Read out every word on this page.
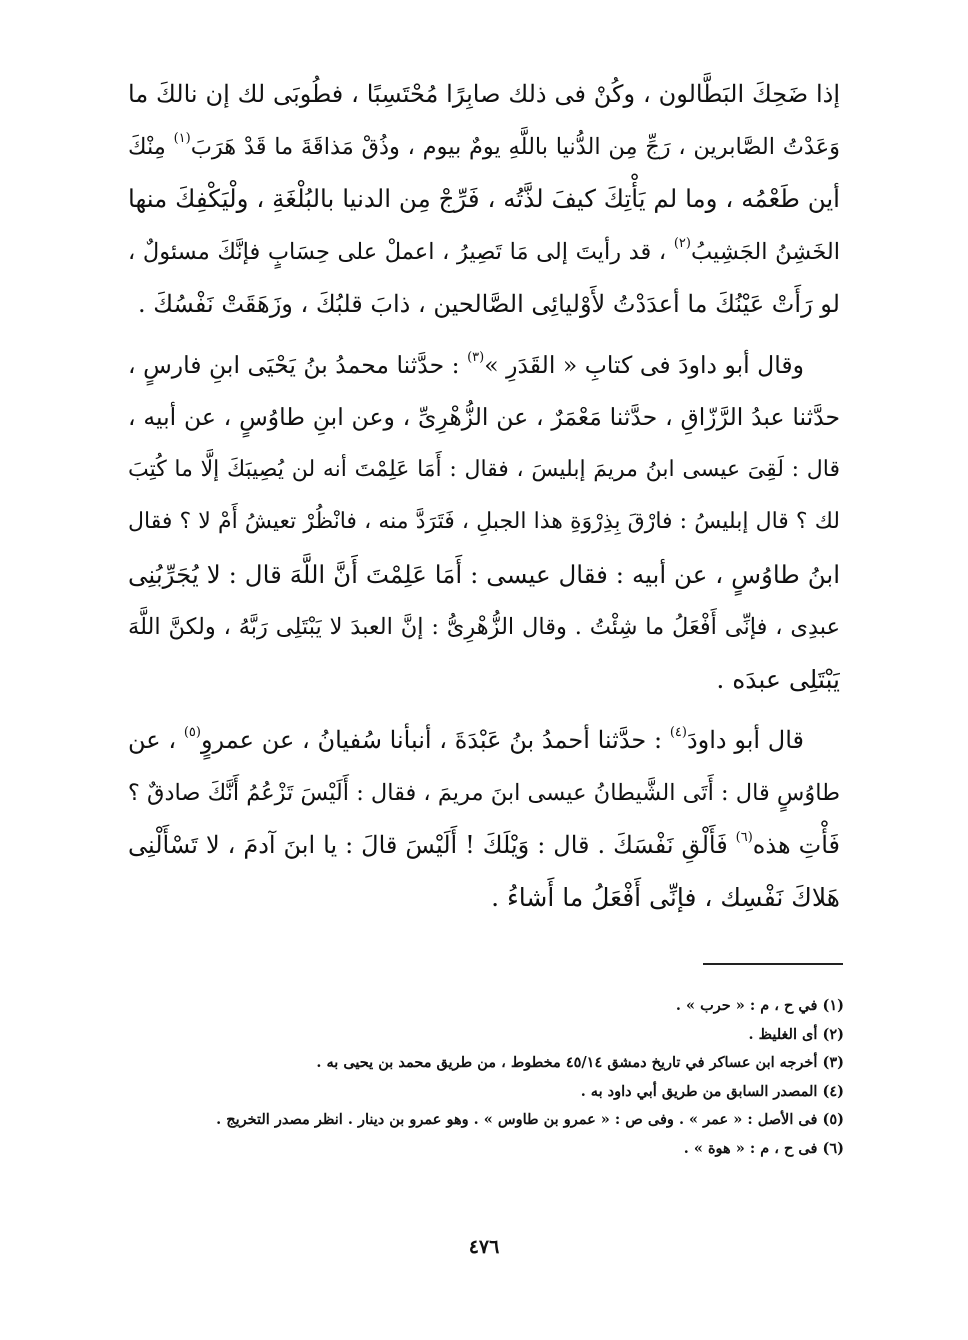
إذا ضَحِكَ البَطَّالون ، وكُنْ فى ذلك صابِرًا مُحْتَسِبًا ، فطُوبَى لك إن نالكَ ما
وَعَدْتُ الصَّابرين ، رَجِّ مِن الدُّنيا باللَّهِ يومٌ بيوم ، وذُقْ مَذاقَةَ ما قَدْ هَرَبَ$^{(١)}$ مِنْكَ
أين طَعْمُه ، وما لم يَأْتِكَ كيفَ لذَّتُه ، فَرِّجْ مِن الدنيا بالبُلْغَةِ ، ولْيَكْفِكَ منها
الخَشِنُ الجَشِيبُ$^{(٢)}$ ، قد رأيتَ إلى مَا تَصِيرُ ، اعملْ على حِسَابٍ فإنَّكَ مسئولٌ ،
لو رَأَتْ عَيْنُكَ ما أعدَدْتُ لأَوْليائِى الصَّالحين ، ذابَ قلبُكَ ، وزَهَقَتْ نَفْسُكَ .
وقال أبو داودَ فى كتابِ « القَدَرِ »$^{(٣)}$ : حدَّثنا محمدُ بنُ يَحْيَى ابنِ فارسٍ ،
حدَّثنا عبدُ الرَّزّاقِ ، حدَّثنا مَعْمَرٌ ، عن الزُّهْرِىِّ ، وعن ابنِ طاوُسٍ ، عن أبيه ،
قال : لَقِىَ عيسى ابنُ مريمَ إبليسَ ، فقال : أَمَا عَلِمْتَ أنه لن يُصِيبَكَ إلَّا ما كُتِبَ
لك ؟ قال إبليسُ : فارْقَ بِذِرْوَةِ هذا الجبلِ ، فَتَرَدَّ منه ، فانْظُرْ تعيشُ أَمْ لا ؟ فقال
ابنُ طاوُسٍ ، عن أبيه : فقال عيسى : أَمَا عَلِمْتَ أَنَّ اللَّهَ قال : لا يُجَرِّبُنِى
عبدِى ، فإنِّى أَفْعَلُ ما شِئْتُ . وقال الزُّهْرِىُّ : إنَّ العبدَ لا يَبْتَلِى رَبَّهُ ، ولكنَّ اللَّهَ
يَبْتَلِى عبدَه .
قال أبو داودَ$^{(٤)}$ : حدَّثنا أحمدُ بنُ عَبْدَةَ ، أنبأنا سُفيانُ ، عن عمروٍ$^{(٥)}$ ، عن
طاوُسٍ قال : أَتَى الشَّيطانُ عيسى ابنَ مريمَ ، فقال : أَلَيْسَ تَزْعُمُ أَنَّكَ صادقٌ ؟
فَأْتِ هذه$^{(٦)}$ فَأَلْقِ نَفْسَكَ . قال : وَيْلَكَ ! أَلَيْسَ قالَ : يا ابنَ آدمَ ، لا تَسْأَلْنِى
هَلاكَ نَفْسِك ، فإنِّى أَفْعَلُ ما أَشاءُ .
(١) في ح ، م : « حرب » .
(٢) أى الغليظ .
(٣) أخرجه ابن عساكر في تاريخ دمشق ٤٥/١٤ مخطوط ، من طريق محمد بن يحيى به .
(٤) المصدر السابق من طريق أبي داود به .
(٥) فى الأصل : « عمر » . وفى ص : « عمرو بن طاوس » . وهو عمرو بن دينار . انظر مصدر التخريج .
(٦) فى ح ، م : « هوة » .
٤٧٦
